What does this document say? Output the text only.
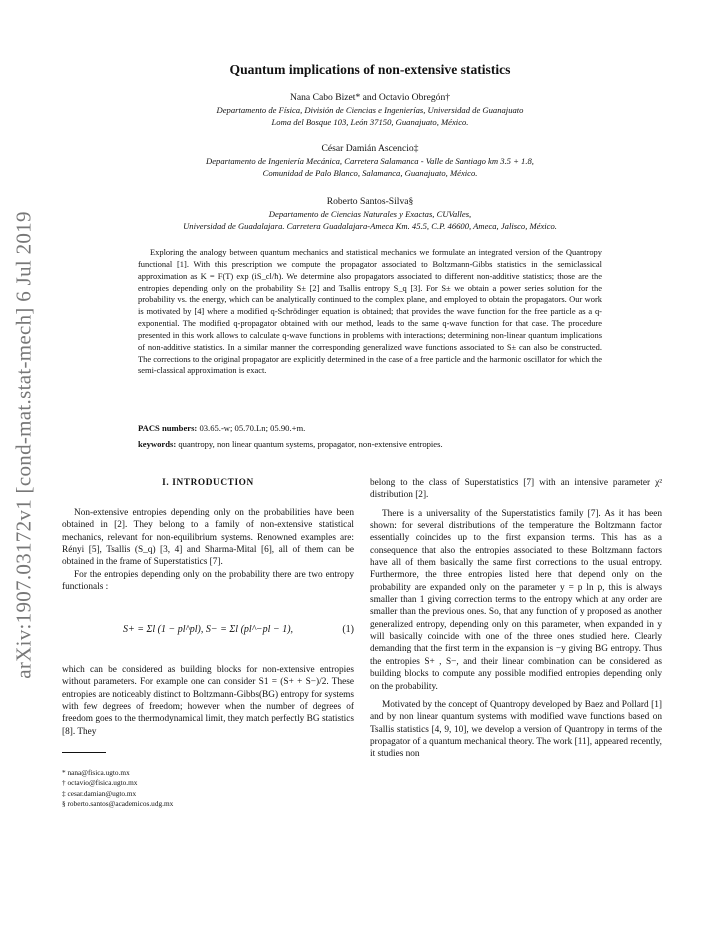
arXiv:1907.03172v1 [cond-mat.stat-mech] 6 Jul 2019
Quantum implications of non-extensive statistics
Nana Cabo Bizet* and Octavio Obregón†
Departamento de Física, División de Ciencias e Ingenierías, Universidad de Guanajuato
Loma del Bosque 103, León 37150, Guanajuato, México.
César Damián Ascencio‡
Departamento de Ingeniería Mecánica, Carretera Salamanca - Valle de Santiago km 3.5 + 1.8,
Comunidad de Palo Blanco, Salamanca, Guanajuato, México.
Roberto Santos-Silva§
Departamento de Ciencias Naturales y Exactas, CUValles,
Universidad de Guadalajara. Carretera Guadalajara-Ameca Km. 45.5, C.P. 46600, Ameca, Jalisco, México.

Exploring the analogy between quantum mechanics and statistical mechanics we formulate an integrated version of the Quantropy functional [1]. With this prescription we compute the propagator associated to Boltzmann-Gibbs statistics in the semiclassical approximation as K = F(T) exp (iS_cl/ħ). We determine also propagators associated to different non-additive statistics; those are the entropies depending only on the probability S± [2] and Tsallis entropy S_q [3]. For S± we obtain a power series solution for the probability vs. the energy, which can be analytically continued to the complex plane, and employed to obtain the propagators. Our work is motivated by [4] where a modified q-Schrödinger equation is obtained; that provides the wave function for the free particle as a q-exponential. The modified q-propagator obtained with our method, leads to the same q-wave function for that case. The procedure presented in this work allows to calculate q-wave functions in problems with interactions; determining non-linear quantum implications of non-additive statistics. In a similar manner the corresponding generalized wave functions associated to S± can also be constructed. The corrections to the original propagator are explicitly determined in the case of a free particle and the harmonic oscillator for which the semi-classical approximation is exact.

PACS numbers: 03.65.-w; 05.70.Ln; 05.90.+m.
keywords: quantropy, non linear quantum systems, propagator, non-extensive entropies.
I. INTRODUCTION

Non-extensive entropies depending only on the probabilities have been obtained in [2]. They belong to a family of non-extensive statistical mechanics, relevant for non-equilibrium systems. Renowned examples are: Rényi [5], Tsallis (S_q) [3, 4] and Sharma-Mital [6], all of them can be obtained in the frame of Superstatistics [7].

For the entropies depending only on the probability there are two entropy functionals :

S+ = Σl (1 − pl^pl), S− = Σl (pl^−pl − 1),	(1)

which can be considered as building blocks for non-extensive entropies without parameters. For example one can consider S1 = (S+ + S−)/2. These entropies are noticeably distinct to Boltzmann-Gibbs(BG) entropy for systems with few degrees of freedom; however when the number of degrees of freedom goes to the thermodynamical limit, they match perfectly BG statistics [8]. They

* nana@fisica.ugto.mx
† octavio@fisica.ugto.mx
‡ cesar.damian@ugto.mx
§ roberto.santos@academicos.udg.mx

belong to the class of Superstatistics [7] with an intensive parameter χ² distribution [2].

There is a universality of the Superstatistics family [7]. As it has been shown: for several distributions of the temperature the Boltzmann factor essentially coincides up to the first expansion terms. This has as a consequence that also the entropies associated to these Boltzmann factors have all of them basically the same first corrections to the usual entropy. Furthermore, the three entropies listed here that depend only on the probability are expanded only on the parameter y = p ln p, this is always smaller than 1 giving correction terms to the entropy which at any order are smaller than the previous ones. So, that any function of y proposed as another generalized entropy, depending only on this parameter, when expanded in y will basically coincide with one of the three ones studied here. Clearly demanding that the first term in the expansion is −y giving BG entropy. Thus the entropies S+ , S−, and their linear combination can be considered as building blocks to compute any possible modified entropies depending only on the probability.

Motivated by the concept of Quantropy developed by Baez and Pollard [1] and by non linear quantum systems with modified wave functions based on Tsallis statistics [4, 9, 10], we develop a version of Quantropy in terms of the propagator of a quantum mechanical theory. The work [11], appeared recently, it studies non
